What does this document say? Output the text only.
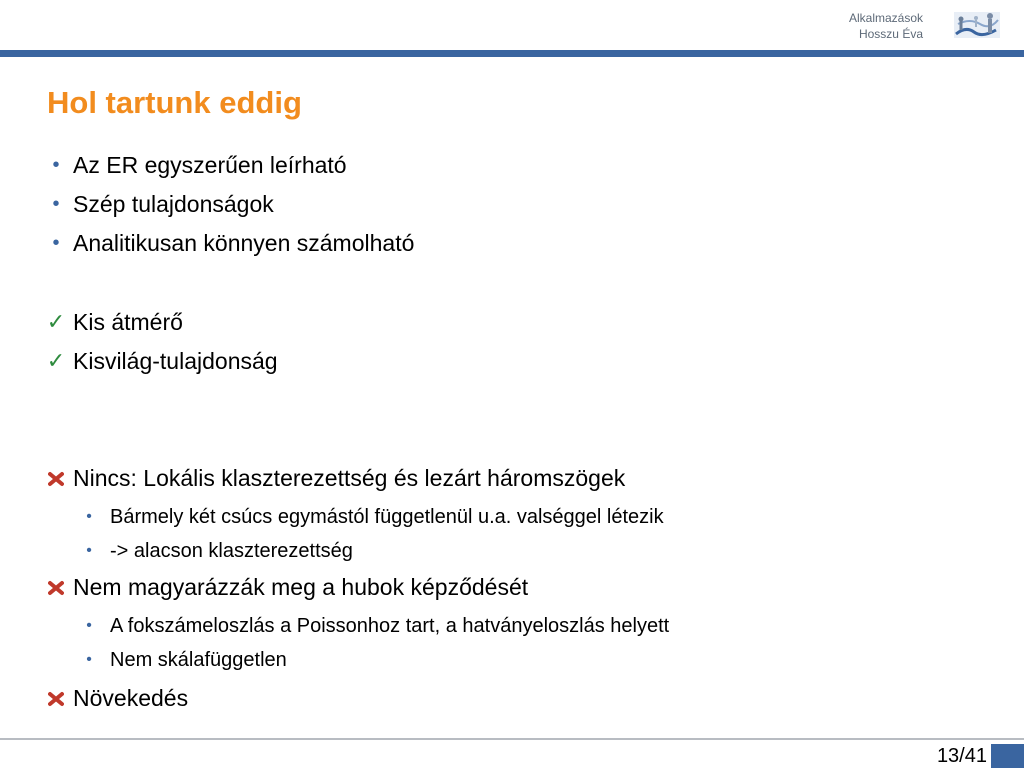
Alkalmazások
Hosszu Éva
Hol tartunk eddig
• Az ER egyszerűen leírható
• Szép tulajdonságok
• Analitikusan könnyen számolható
✓ Kis átmérő
✓ Kisvilág-tulajdonság
Nincs: Lokális klaszterezettség és lezárt háromszögek
• Bármely két csúcs egymástól függetlenül u.a. valséggel létezik
• -> alacson klaszterezettség
Nem magyarázzák meg a hubok képződését
• A fokszámeloszlás a Poissonhoz tart, a hatványeloszlás helyett
• Nem skálafüggetlen
Növekedés
13/41
